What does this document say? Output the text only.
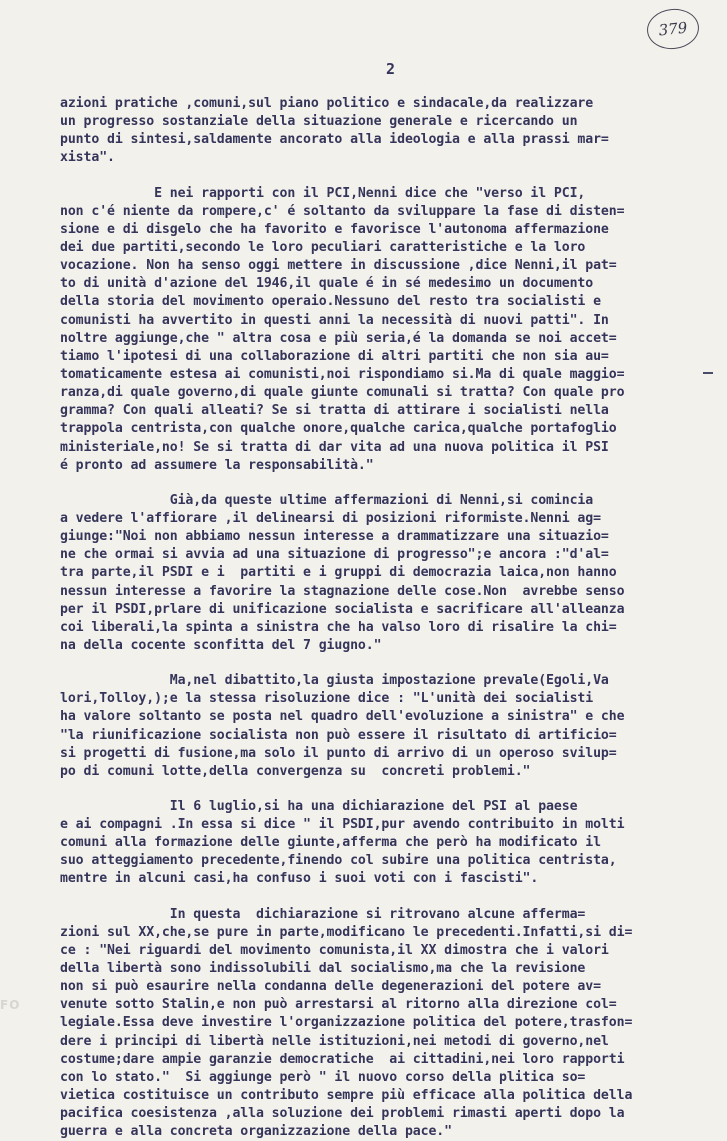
379
2
azioni pratiche ,comuni,sul piano politico e sindacale,da realizzare
un progresso sostanziale della situazione generale e ricercando un
punto di sintesi,saldamente ancorato alla ideologia e alla prassi mar=
xista".
E nei rapporti con il PCI,Nenni dice che "verso il PCI,
non c'é niente da rompere,c' é soltanto da sviluppare la fase di disten=
sione e di disgelo che ha favorito e favorisce l'autonoma affermazione
dei due partiti,secondo le loro peculiari caratteristiche e la loro
vocazione. Non ha senso oggi mettere in discussione ,dice Nenni,il pat=
to di unità d'azione del 1946,il quale é in sé medesimo un documento
della storia del movimento operaio.Nessuno del resto tra socialisti e
comunisti ha avvertito in questi anni la necessità di nuovi patti". In
noltre aggiunge,che " altra cosa e più seria,é la domanda se noi accet=
tiamo l'ipotesi di una collaborazione di altri partiti che non sia au=
tomaticamente estesa ai comunisti,noi rispondiamo si.Ma di quale maggio=
ranza,di quale governo,di quale giunte comunali si tratta? Con quale pro
gramma? Con quali alleati? Se si tratta di attirare i socialisti nella
trappola centrista,con qualche onore,qualche carica,qualche portafoglio
ministeriale,no! Se si tratta di dar vita ad una nuova politica il PSI
é pronto ad assumere la responsabilità."
Già,da queste ultime affermazioni di Nenni,si comincia
a vedere l'affiorare ,il delinearsi di posizioni riformiste.Nenni ag=
giunge:"Noi non abbiamo nessun interesse a drammatizzare una situazio=
ne che ormai si avvia ad una situazione di progresso";e ancora :"d'al=
tra parte,il PSDI e i  partiti e i gruppi di democrazia laica,non hanno
nessun interesse a favorire la stagnazione delle cose.Non  avrebbe senso
per il PSDI,prlare di unificazione socialista e sacrificare all'alleanza
coi liberali,la spinta a sinistra che ha valso loro di risalire la chi=
na della cocente sconfitta del 7 giugno."
Ma,nel dibattito,la giusta impostazione prevale(Egoli,Va
lori,Tolloy,);e la stessa risoluzione dice : "L'unità dei socialisti
ha valore soltanto se posta nel quadro dell'evoluzione a sinistra" e che
"la riunificazione socialista non può essere il risultato di artificio=
si progetti di fusione,ma solo il punto di arrivo di un operoso svilup=
po di comuni lotte,della convergenza su  concreti problemi."
Il 6 luglio,si ha una dichiarazione del PSI al paese
e ai compagni .In essa si dice " il PSDI,pur avendo contribuito in molti
comuni alla formazione delle giunte,afferma che però ha modificato il
suo atteggiamento precedente,finendo col subire una politica centrista,
mentre in alcuni casi,ha confuso i suoi voti con i fascisti".
In questa  dichiarazione si ritrovano alcune afferma=
zioni sul XX,che,se pure in parte,modificano le precedenti.Infatti,si di=
ce : "Nei riguardi del movimento comunista,il XX dimostra che i valori
della libertà sono indissolubili dal socialismo,ma che la revisione
non si può esaurire nella condanna delle degenerazioni del potere av=
venute sotto Stalin,e non può arrestarsi al ritorno alla direzione col=
legiale.Essa deve investire l'organizzazione politica del potere,trasfon=
dere i principi di libertà nelle istituzioni,nei metodi di governo,nel
costume;dare ampie garanzie democratiche  ai cittadini,nei loro rapporti
con lo stato."  Si aggiunge però " il nuovo corso della plitica so=
vietica costituisce un contributo sempre più efficace alla politica della
pacifica coesistenza ,alla soluzione dei problemi rimasti aperti dopo la
guerra e alla concreta organizzazione della pace."
FO
